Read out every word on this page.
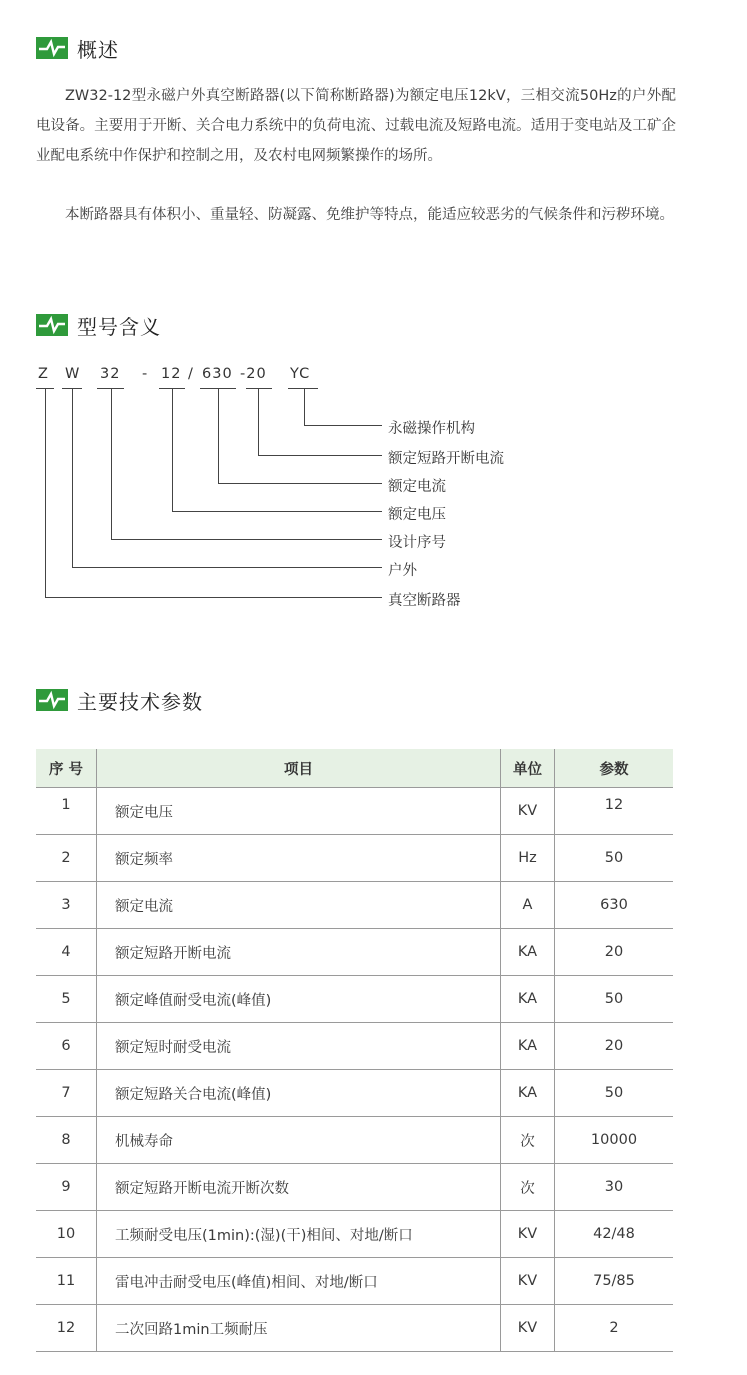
概述

ZW32-12型永磁户外真空断路器(以下简称断路器)为额定电压12kV，三相交流50Hz的户外配电设备。主要用于开断、关合电力系统中的负荷电流、过载电流及短路电流。适用于变电站及工矿企业配电系统中作保护和控制之用，及农村电网频繁操作的场所。

本断路器具有体积小、重量轻、防凝露、免维护等特点，能适应较恶劣的气候条件和污秽环境。

型号含义
Z W 32 - 12 / 630 -20 YC
永磁操作机构
额定短路开断电流
额定电流
额定电压
设计序号
户外
真空断路器
主要技术参数
序 号	项目	单位	参数
1	额定电压	KV	12
2	额定频率	Hz	50
3	额定电流	A	630
4	额定短路开断电流	KA	20
5	额定峰值耐受电流(峰值)	KA	50
6	额定短时耐受电流	KA	20
7	额定短路关合电流(峰值)	KA	50
8	机械寿命	次	10000
9	额定短路开断电流开断次数	次	30
10	工频耐受电压(1min):(湿)(干)相间、对地/断口	KV	42/48
11	雷电冲击耐受电压(峰值)相间、对地/断口	KV	75/85
12	二次回路1min工频耐压	KV	2
